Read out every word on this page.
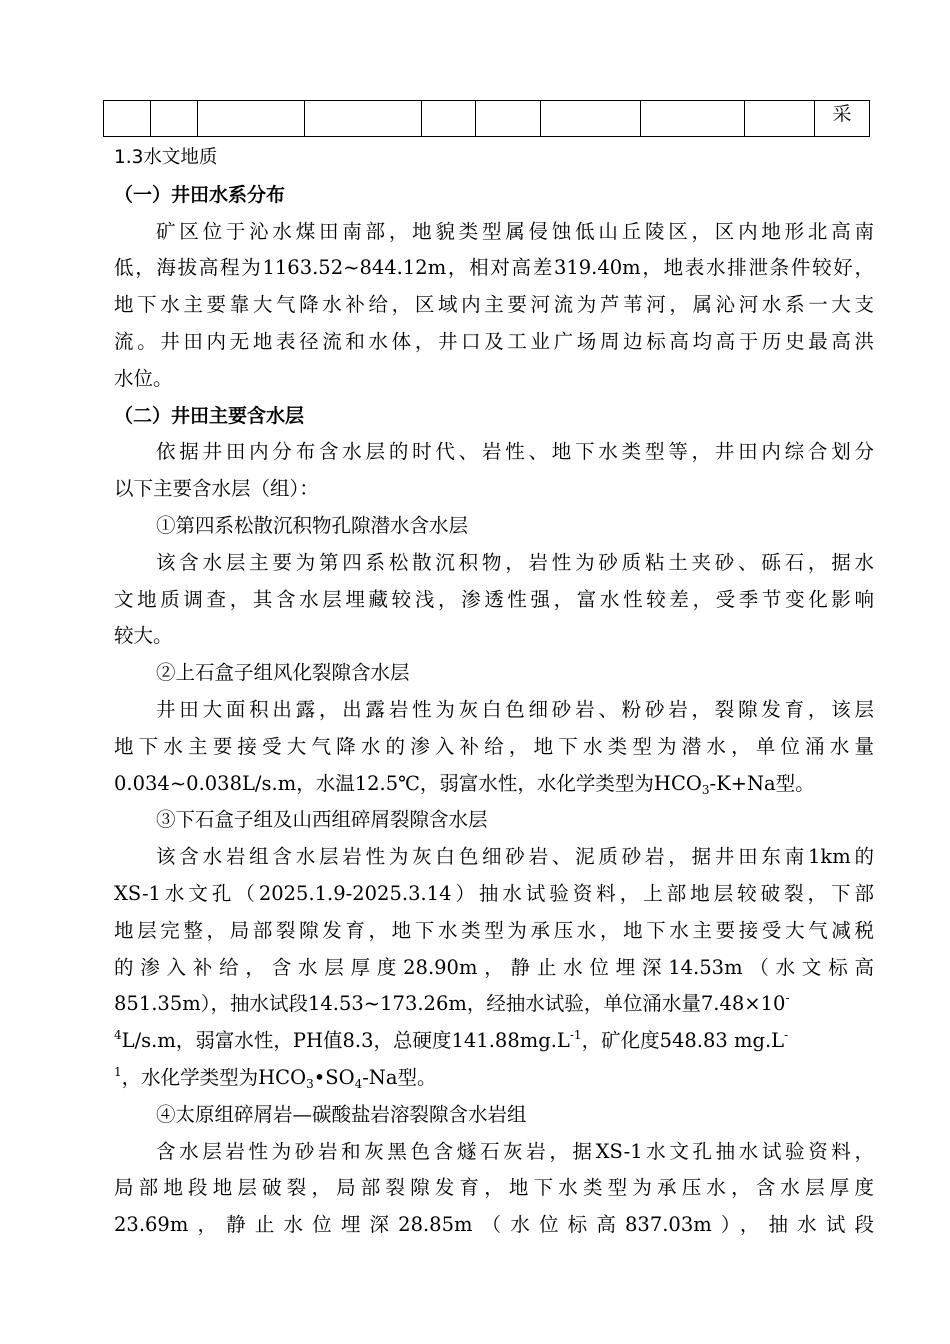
									采
1.3水文地质
（一）井田水系分布
矿区位于沁水煤田南部，地貌类型属侵蚀低山丘陵区，区内地形北高南
低，海拔高程为1163.52~844.12m，相对高差319.40m，地表水排泄条件较好，
地下水主要靠大气降水补给，区域内主要河流为芦苇河，属沁河水系一大支
流。井田内无地表径流和水体，井口及工业广场周边标高均高于历史最高洪
水位。
（二）井田主要含水层
依据井田内分布含水层的时代、岩性、地下水类型等，井田内综合划分
以下主要含水层（组）：
①第四系松散沉积物孔隙潜水含水层
该含水层主要为第四系松散沉积物，岩性为砂质粘土夹砂、砾石，据水
文地质调查，其含水层埋藏较浅，渗透性强，富水性较差，受季节变化影响
较大。
②上石盒子组风化裂隙含水层
井田大面积出露，出露岩性为灰白色细砂岩、粉砂岩，裂隙发育，该层
地下水主要接受大气降水的渗入补给，地下水类型为潜水，单位涌水量
0.034~0.038L/s.m，水温12.5℃，弱富水性，水化学类型为$HCO_3-K+Na$型。
③下石盒子组及山西组碎屑裂隙含水层
该含水岩组含水层岩性为灰白色细砂岩、泥质砂岩，据井田东南1km的
XS-1水文孔（2025.1.9-2025.3.14）抽水试验资料，上部地层较破裂，下部
地层完整，局部裂隙发育，地下水类型为承压水，地下水主要接受大气减税
的渗入补给，含水层厚度28.90m，静止水位埋深14.53m（水文标高
851.35m），抽水试段14.53~173.26m，经抽水试验，单位涌水量7.48×10-
$^4$L/s.m，弱富水性，PH值8.3，总硬度$141.88mg.L^{-1}$，矿化度548.83 mg.L-
$^1$，水化学类型为$HCO_3•SO_4-Na$型。
④太原组碎屑岩—碳酸盐岩溶裂隙含水岩组
含水层岩性为砂岩和灰黑色含燧石灰岩，据XS-1水文孔抽水试验资料，
局部地段地层破裂，局部裂隙发育，地下水类型为承压水，含水层厚度
23.69m，静止水位埋深28.85m（水位标高837.03m），抽水试段
